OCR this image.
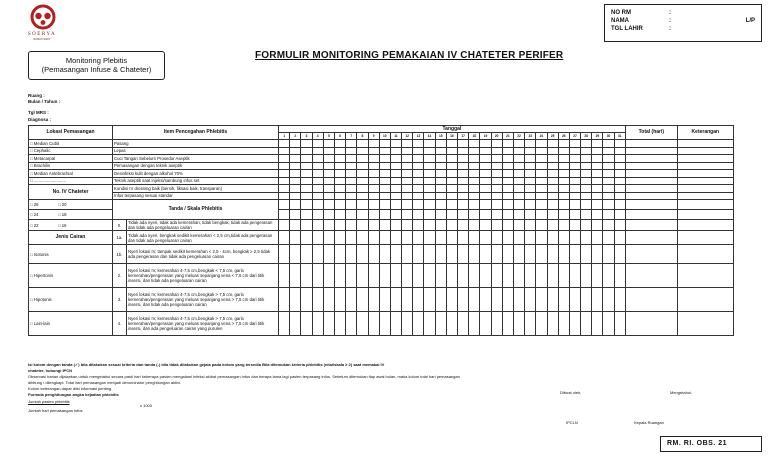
SOERYA
RUMAH SAKIT
NO RM	:
NAMA	:	L/P
TGL LAHIR	:
Monitoring Plebitis
(Pemasangan Infuse & Chateter)
FORMULIR MONITORING PEMAKAIAN IV CHATETER PERIFER
Ruang :
Bulan / Tahun :
Tgl MRS :
Diagnosa :
Lokasi Pemasangan	Item Pencegahan Phlebitis		Tanggal																															Total (hari)	Keterangan
			1	2	3	4	5	6	7	8	9	10	11	12	13	14	15	16	17	18	19	20	21	22	23	24	25	26	27	28	29	30	31		
□ Median Cubit	Pasang																																		
□ Cephalic	Lepas																																		
□ Metacarpal	Cuci Tangan Sebelum Prosedur Aseptik																																		
□ Brachilis	Pemasangan dengan teknik aseptik																																		
□ Median Antebrachial	Desinfeksi kulit dengan alkohol 70%																																		
□ ...........................	Teknik aseptik saat injeksi/sambung infus set																																		
No. IV Chateter	Kondisi IV dressing baik (bersih, fiksasi baik, transparan)																																		
	Infus terpasang sesuai standar																																		
□ 26 □ 20	Tanda / Skala Phlebitis																																		
□ 24 □ 18																																			
□ 22 □ 16	0.	Tidak ada nyeri, tidak ada kemerahan, tidak bengkak, tidak ada pengerasan dan tidak ada pengeluaran cairan																																	
Jenis Cairan	1a.	Tidak ada nyeri, bengkak sedikit kemerahan < 2,5 cm,tidak ada pengerasan dan tidak ada pengeluaran cairan																																	
□ Isotonis	1b.	Nyeri lokasi IV, tampak sedikit kemerahan < 2,5 - 4cm, bengkak ≥ 2,5 tidak ada pengerasan dan tidak ada pengeluaran cairan																																	
□ Hipertonis	2.	Nyeri lokasi IV, kemerahan 4-7,5 cm,bengkak < 7,5 cm, garis kemerahan/pengerasan yang meluas sepanjang vena < 7,5 cm dari titik insersi, dan tidak ada pengeluaran cairan																																	
□ Hipotonis	3.	Nyeri lokasi IV, kemerahan 4-7,5 cm,bengkak > 7,5 cm, garis kemerahan/pengerasan yang meluas sepanjang vena > 7,5 cm dari titik insersi, dan tidak ada pengeluaran cairan																																	
□ Lain-lain	4.	Nyeri lokasi IV, kemerahan 4-7,5 cm,bengkak > 7,5 cm, garis kemerahan/pengerasan yang meluas sepanjang vena > 7,5 cm dari titik insersi, dan ada pengeluaran cairan yang purulen																																	
Isi kolom dengan tanda (✓) bila dilakukan sesuai kriteria dan tanda (-) bila tidak dilakukan gejala pada kolom yang tersedia Bila ditemukan kriteria phlebitis (nilai/skala ≥ 2) saat memakai IV
chateter, hubungi IPCN
Observasi harian dijalankan untuk mengetahui secara pasti hari keberapa pasien mengalami infeksi akibat pemasangan infus dan berapa lama lagi pasien terpasang infus. Sebelum ditemukan tiap awal bulan, maka kolom total hari pemasangan
dihitung / dilengkapi. Total hari pemasangan menjadi denominator penghitungan aktivi.
Kolom keterangan dapat diisi informasi penting.
Formula penghitungan angka kejadian phlebitis
Jumlah pasien phlebitis
x 1000
Jumlah hari pemasangan infus
Dibuat oleh,	Mengetahui,
IPCLN	Kepala Ruangan
RM. RI. OBS. 21
